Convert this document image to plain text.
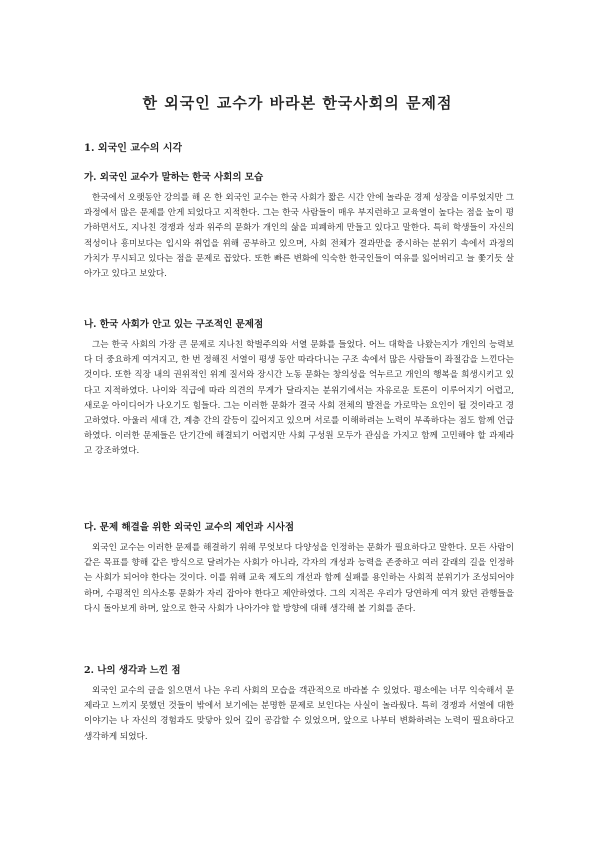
한 외국인 교수가 바라본 한국사회의 문제점
1. 외국인 교수의 시각
가. 외국인 교수가 말하는 한국 사회의 모습
한국에서 오랫동안 강의를 해 온 한 외국인 교수는 한국 사회가 짧은 시간 안에 놀라운 경제 성장을 이루었지만 그 과정에서 많은 문제를 안게 되었다고 지적한다. 그는 한국 사람들이 매우 부지런하고 교육열이 높다는 점을 높이 평가하면서도, 지나친 경쟁과 성과 위주의 문화가 개인의 삶을 피폐하게 만들고 있다고 말한다. 특히 학생들이 자신의 적성이나 흥미보다는 입시와 취업을 위해 공부하고 있으며, 사회 전체가 결과만을 중시하는 분위기 속에서 과정의 가치가 무시되고 있다는 점을 문제로 꼽았다. 또한 빠른 변화에 익숙한 한국인들이 여유를 잃어버리고 늘 쫓기듯 살아가고 있다고 보았다.
나. 한국 사회가 안고 있는 구조적인 문제점
그는 한국 사회의 가장 큰 문제로 지나친 학벌주의와 서열 문화를 들었다. 어느 대학을 나왔는지가 개인의 능력보다 더 중요하게 여겨지고, 한 번 정해진 서열이 평생 동안 따라다니는 구조 속에서 많은 사람들이 좌절감을 느낀다는 것이다. 또한 직장 내의 권위적인 위계 질서와 장시간 노동 문화는 창의성을 억누르고 개인의 행복을 희생시키고 있다고 지적하였다. 나이와 직급에 따라 의견의 무게가 달라지는 분위기에서는 자유로운 토론이 이루어지기 어렵고, 새로운 아이디어가 나오기도 힘들다. 그는 이러한 문화가 결국 사회 전체의 발전을 가로막는 요인이 될 것이라고 경고하였다. 아울러 세대 간, 계층 간의 갈등이 깊어지고 있으며 서로를 이해하려는 노력이 부족하다는 점도 함께 언급하였다. 이러한 문제들은 단기간에 해결되기 어렵지만 사회 구성원 모두가 관심을 가지고 함께 고민해야 할 과제라고 강조하였다.
다. 문제 해결을 위한 외국인 교수의 제언과 시사점
외국인 교수는 이러한 문제를 해결하기 위해 무엇보다 다양성을 인정하는 문화가 필요하다고 말한다. 모든 사람이 같은 목표를 향해 같은 방식으로 달려가는 사회가 아니라, 각자의 개성과 능력을 존중하고 여러 갈래의 길을 인정하는 사회가 되어야 한다는 것이다. 이를 위해 교육 제도의 개선과 함께 실패를 용인하는 사회적 분위기가 조성되어야 하며, 수평적인 의사소통 문화가 자리 잡아야 한다고 제안하였다. 그의 지적은 우리가 당연하게 여겨 왔던 관행들을 다시 돌아보게 하며, 앞으로 한국 사회가 나아가야 할 방향에 대해 생각해 볼 기회를 준다.
2. 나의 생각과 느낀 점
외국인 교수의 글을 읽으면서 나는 우리 사회의 모습을 객관적으로 바라볼 수 있었다. 평소에는 너무 익숙해서 문제라고 느끼지 못했던 것들이 밖에서 보기에는 분명한 문제로 보인다는 사실이 놀라웠다. 특히 경쟁과 서열에 대한 이야기는 나 자신의 경험과도 맞닿아 있어 깊이 공감할 수 있었으며, 앞으로 나부터 변화하려는 노력이 필요하다고 생각하게 되었다.
